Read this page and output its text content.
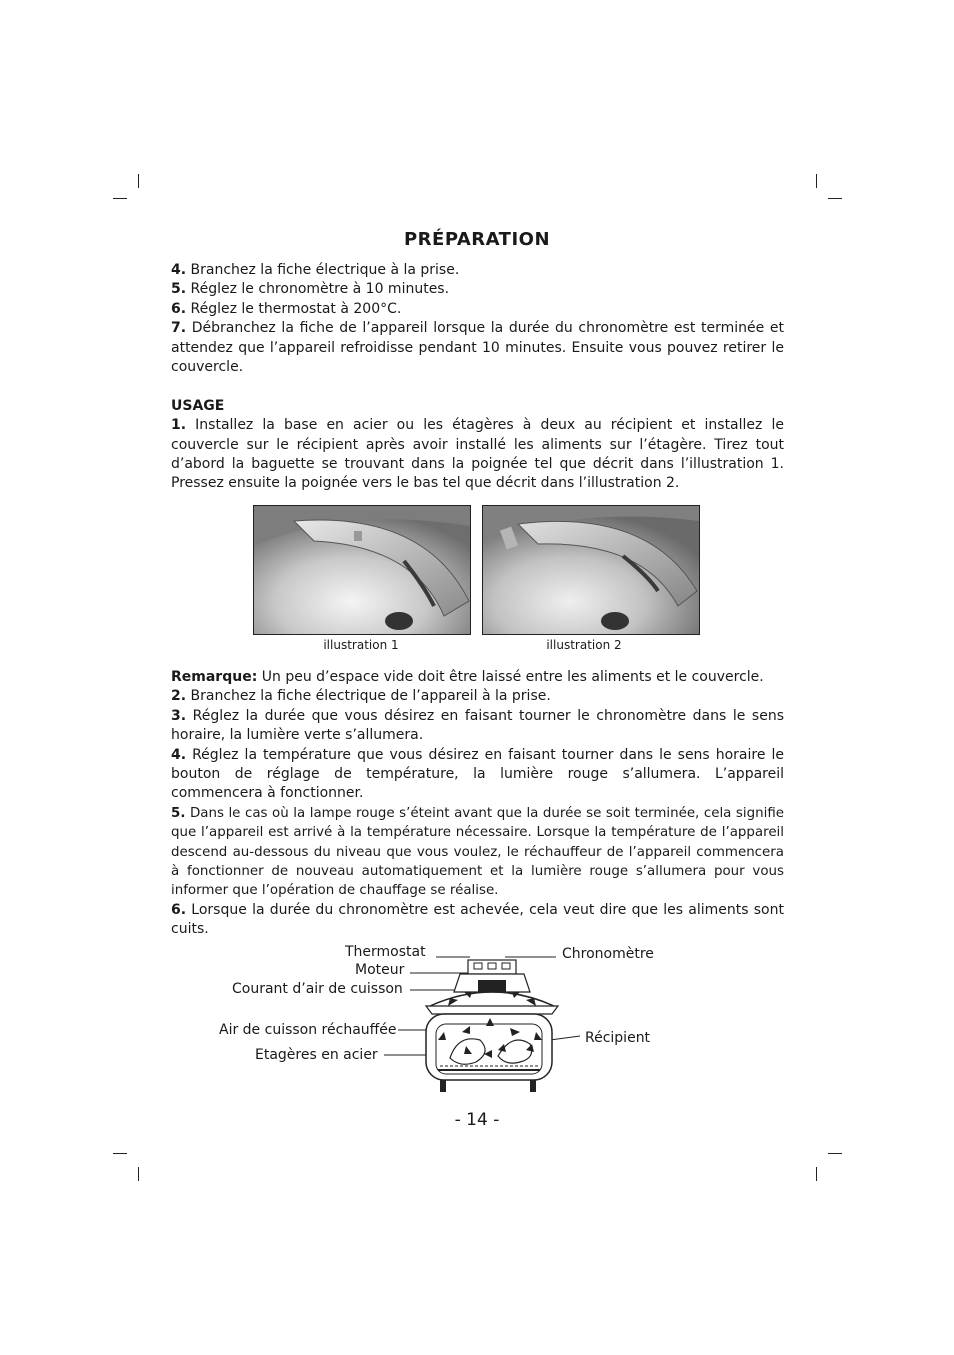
PRÉPARATION

4. Branchez la fiche électrique à la prise.

5. Réglez le chronomètre à 10 minutes.

6. Réglez le thermostat à 200°C.

7. Débranchez la fiche de l’appareil lorsque la durée du chronomètre est terminée et attendez que l’appareil refroidisse pendant 10 minutes. Ensuite vous pouvez retirer le couvercle.

USAGE

1. Installez la base en acier ou les étagères à deux au récipient et installez le couvercle sur le récipient après avoir installé les aliments sur l’étagère. Tirez tout d’abord la baguette se trouvant dans la poignée tel que décrit dans l’illustration 1. Pressez ensuite la poignée vers le bas tel que décrit dans l’illustration 2.

illustration 1	illustration 2

Remarque: Un peu d’espace vide doit être laissé entre les aliments et le couvercle.

2. Branchez la fiche électrique de l’appareil à la prise.

3. Réglez la durée que vous désirez en faisant tourner le chronomètre dans le sens horaire, la lumière verte s’allumera.

4. Réglez la température que vous désirez en faisant tourner dans le sens horaire le bouton de réglage de température, la lumière rouge s’allumera. L’appareil commencera à fonctionner.

5. Dans le cas où la lampe rouge s’éteint avant que la durée se soit terminée, cela signifie que l’appareil est arrivé à la température nécessaire. Lorsque la température de l’appareil descend au-dessous du niveau que vous voulez, le réchauffeur de l’appareil commencera à fonctionner de nouveau automatiquement et la lumière rouge s’allumera pour vous informer que l’opération de chauffage se réalise.

6. Lorsque la durée du chronomètre est achevée, cela veut dire que les aliments sont cuits.

Thermostat
Moteur
Courant d’air de cuisson
Air de cuisson réchauffée
Etagères en acier
Chronomètre
Récipient
- 14 -
